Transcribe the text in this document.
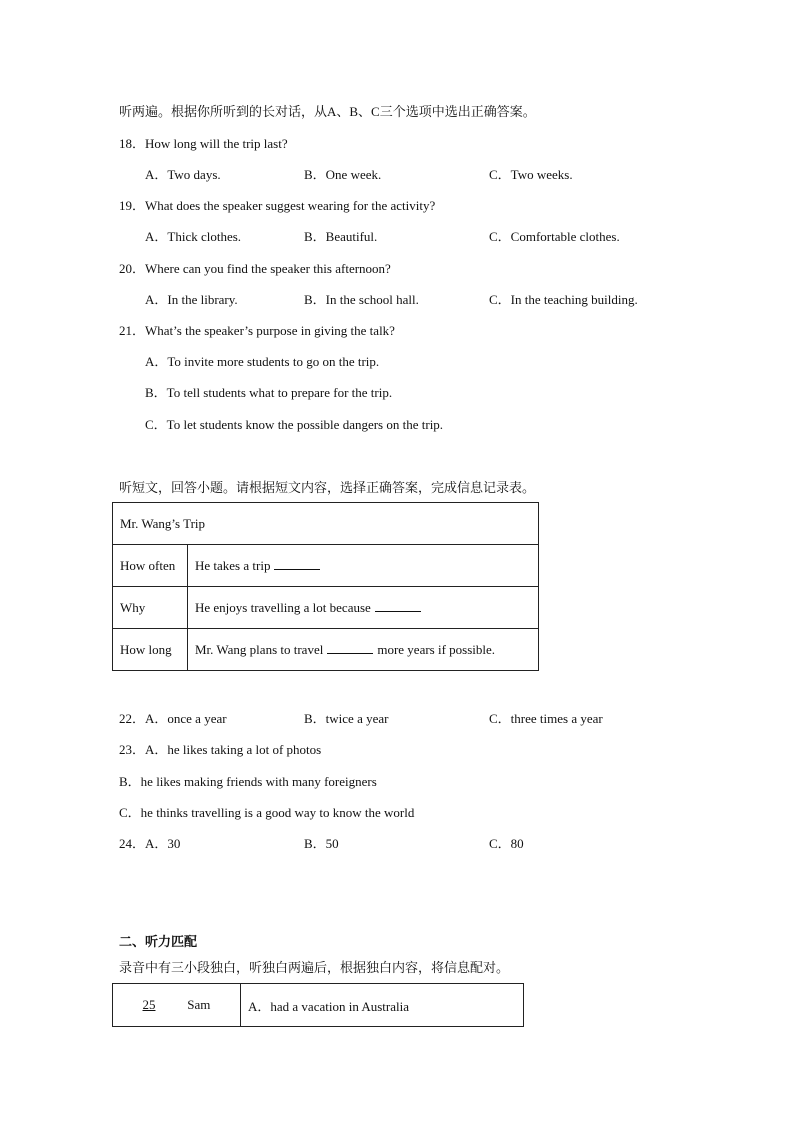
听两遍。根据你所听到的长对话，从A、B、C三个选项中选出正确答案。
18．How long will the trip last?
A．Two days.	B．One week.	C．Two weeks.
19．What does the speaker suggest wearing for the activity?
A．Thick clothes.	B．Beautiful.	C．Comfortable clothes.
20．Where can you find the speaker this afternoon?
A．In the library.	B．In the school hall.	C．In the teaching building.
21．What’s the speaker’s purpose in giving the talk?
A．To invite more students to go on the trip.
B．To tell students what to prepare for the trip.
C．To let students know the possible dangers on the trip.
听短文，回答小题。请根据短文内容，选择正确答案，完成信息记录表。
Mr. Wang’s Trip	
How often	He takes a trip
Why	He enjoys travelling a lot because
How long	Mr. Wang plans to travel more years if possible.
22．A．once a year	B．twice a year	C．three times a year
23．A．he likes taking a lot of photos
B．he likes making friends with many foreigners
C．he thinks travelling is a good way to know the world
24．A．30	B．50	C．80
二、听力匹配
录音中有三小段独白，听独白两遍后，根据独白内容，将信息配对。
25 Sam	A．had a vacation in Australia
